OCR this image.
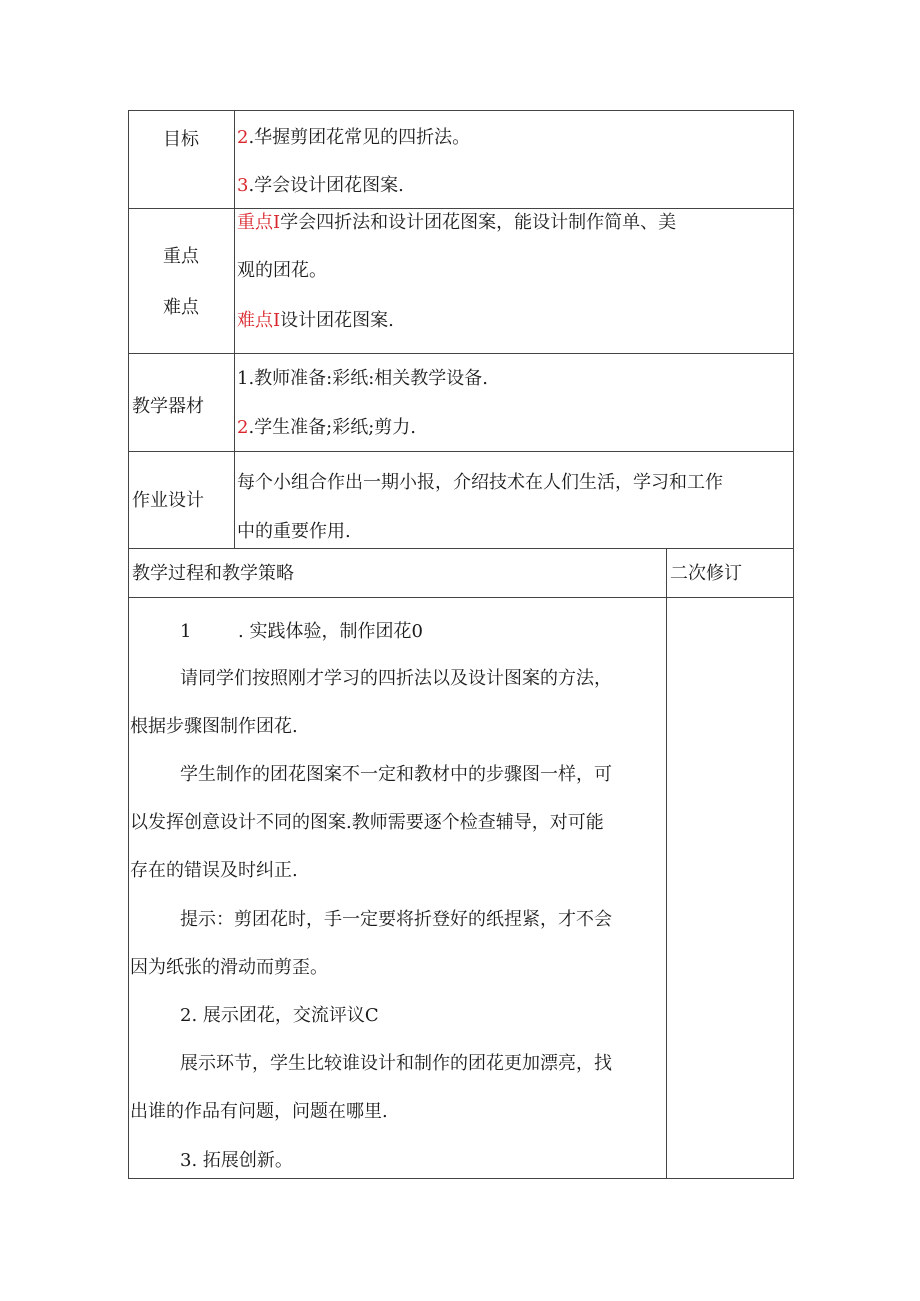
目标 2.华握剪团花常见的四折法。
3.学会设计团花图案.
重点
难点
重点I学会四折法和设计团花图案，能设计制作简单、美
观的团花。
难点I设计团花图案.
教学器材
1.教师准备:彩纸:相关教学设备.
2.学生准备;彩纸;剪力.
作业设计
每个小组合作出一期小报，介绍技术在人们生活，学习和工作
中的重要作用.
教学过程和教学策略	二次修订
1	. 实践体验，制作团花0
请同学们按照刚才学习的四折法以及设计图案的方法，
根据步骤图制作团花.
学生制作的团花图案不一定和教材中的步骤图一样，可
以发挥创意设计不同的图案.教师需要逐个检查辅导，对可能
存在的错误及时纠正.
提示：剪团花时，手一定要将折登好的纸捏紧，才不会
因为纸张的滑动而剪歪。
2. 展示团花，交流评议C
展示环节，学生比较谁设计和制作的团花更加漂亮，找
出谁的作品有问题，问题在哪里.
3. 拓展创新。
